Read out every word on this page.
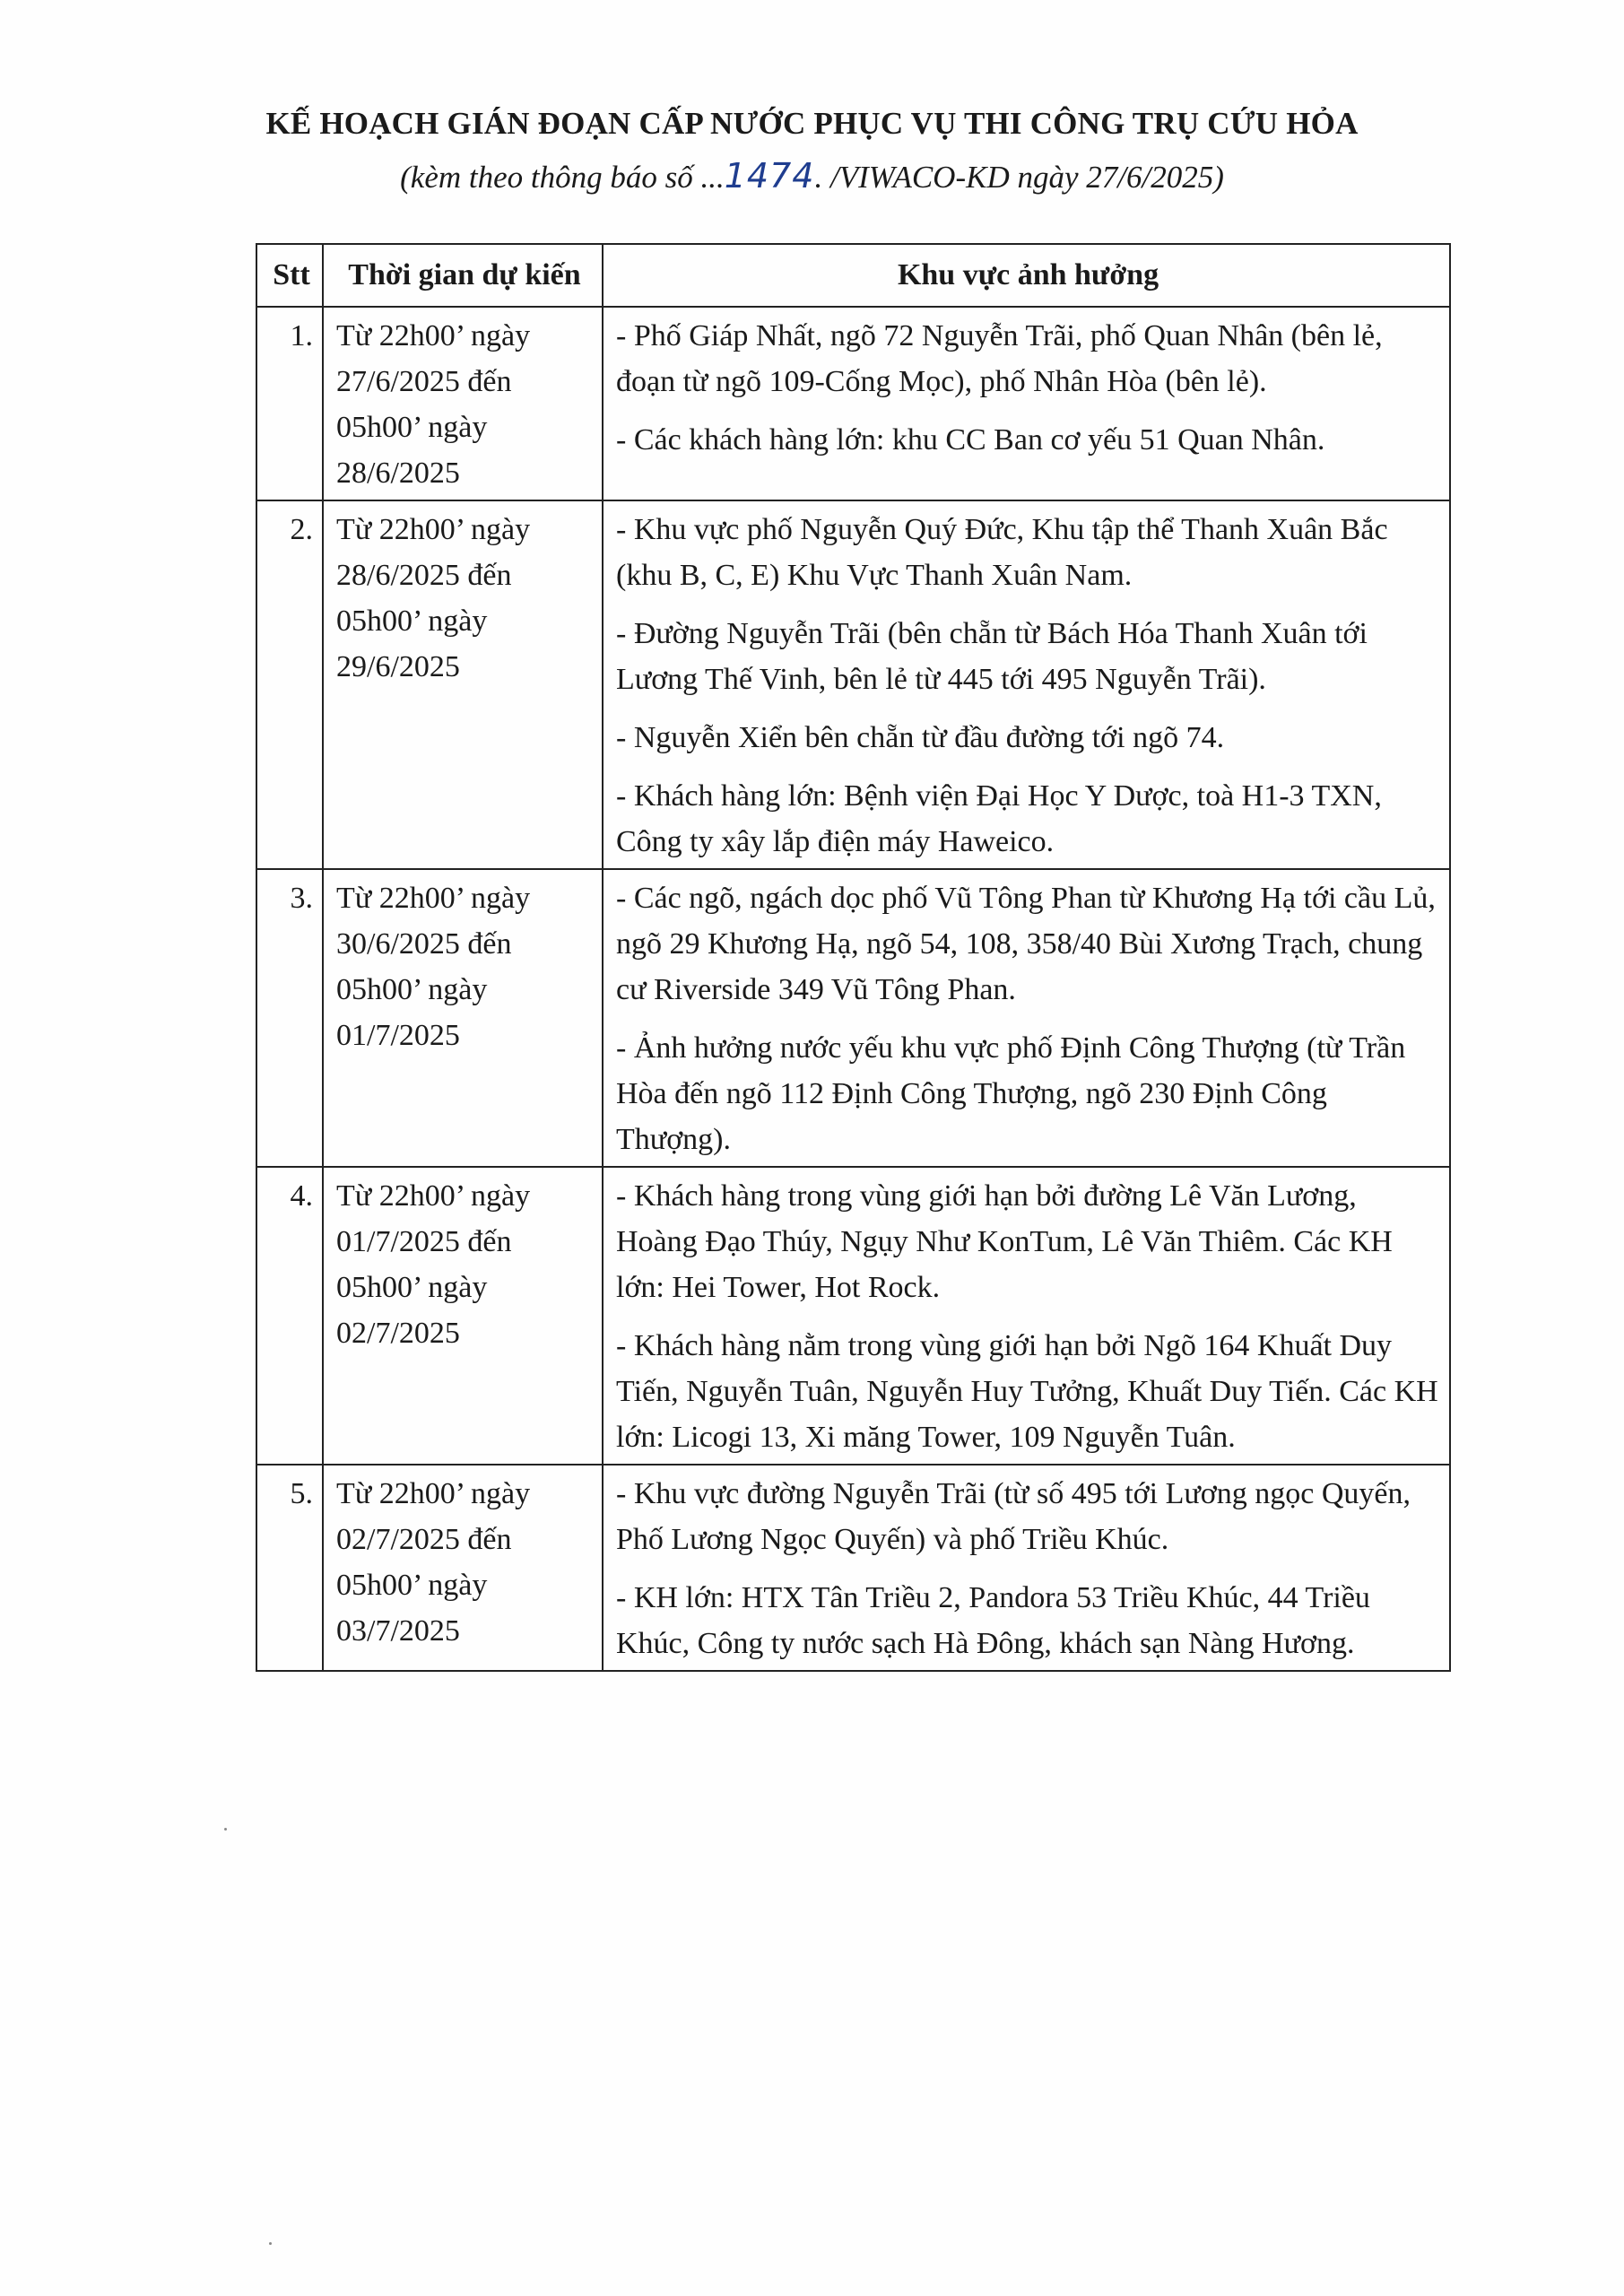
KẾ HOẠCH GIÁN ĐOẠN CẤP NƯỚC PHỤC VỤ THI CÔNG TRỤ CỨU HỎA
(kèm theo thông báo số ...1474. /VIWACO-KD ngày 27/6/2025)
Stt	Thời gian dự kiến	Khu vực ảnh hưởng
1.	Từ 22h00’ ngày 27/6/2025 đến 05h00’ ngày 28/6/2025	- Phố Giáp Nhất, ngõ 72 Nguyễn Trãi, phố Quan Nhân (bên lẻ, đoạn từ ngõ 109-Cống Mọc), phố Nhân Hòa (bên lẻ).
- Các khách hàng lớn: khu CC Ban cơ yếu 51 Quan Nhân.

2.	Từ 22h00’ ngày 28/6/2025 đến 05h00’ ngày 29/6/2025	- Khu vực phố Nguyễn Quý Đức, Khu tập thể Thanh Xuân Bắc (khu B, C, E) Khu Vực Thanh Xuân Nam.
- Đường Nguyễn Trãi (bên chẵn từ Bách Hóa Thanh Xuân tới Lương Thế Vinh, bên lẻ từ 445 tới 495 Nguyễn Trãi).
- Nguyễn Xiển bên chẵn từ đầu đường tới ngõ 74.
- Khách hàng lớn: Bệnh viện Đại Học Y Dược, toà H1-3 TXN, Công ty xây lắp điện máy Haweico.

3.	Từ 22h00’ ngày 30/6/2025 đến 05h00’ ngày 01/7/2025	- Các ngõ, ngách dọc phố Vũ Tông Phan từ Khương Hạ tới cầu Lủ, ngõ 29 Khương Hạ, ngõ 54, 108, 358/40 Bùi Xương Trạch, chung cư Riverside 349 Vũ Tông Phan.
- Ảnh hưởng nước yếu khu vực phố Định Công Thượng (từ Trần Hòa đến ngõ 112 Định Công Thượng, ngõ 230 Định Công Thượng).

4.	Từ 22h00’ ngày 01/7/2025 đến 05h00’ ngày 02/7/2025	- Khách hàng trong vùng giới hạn bởi đường Lê Văn Lương, Hoàng Đạo Thúy, Ngụy Như KonTum, Lê Văn Thiêm. Các KH lớn: Hei Tower, Hot Rock.
- Khách hàng nằm trong vùng giới hạn bởi Ngõ 164 Khuất Duy Tiến, Nguyễn Tuân, Nguyễn Huy Tưởng, Khuất Duy Tiến. Các KH lớn: Licogi 13, Xi măng Tower, 109 Nguyễn Tuân.

5.	Từ 22h00’ ngày 02/7/2025 đến 05h00’ ngày 03/7/2025	- Khu vực đường Nguyễn Trãi (từ số 495 tới Lương ngọc Quyến, Phố Lương Ngọc Quyến) và phố Triều Khúc.
- KH lớn: HTX Tân Triều 2, Pandora 53 Triều Khúc, 44 Triều Khúc, Công ty nước sạch Hà Đông, khách sạn Nàng Hương.
